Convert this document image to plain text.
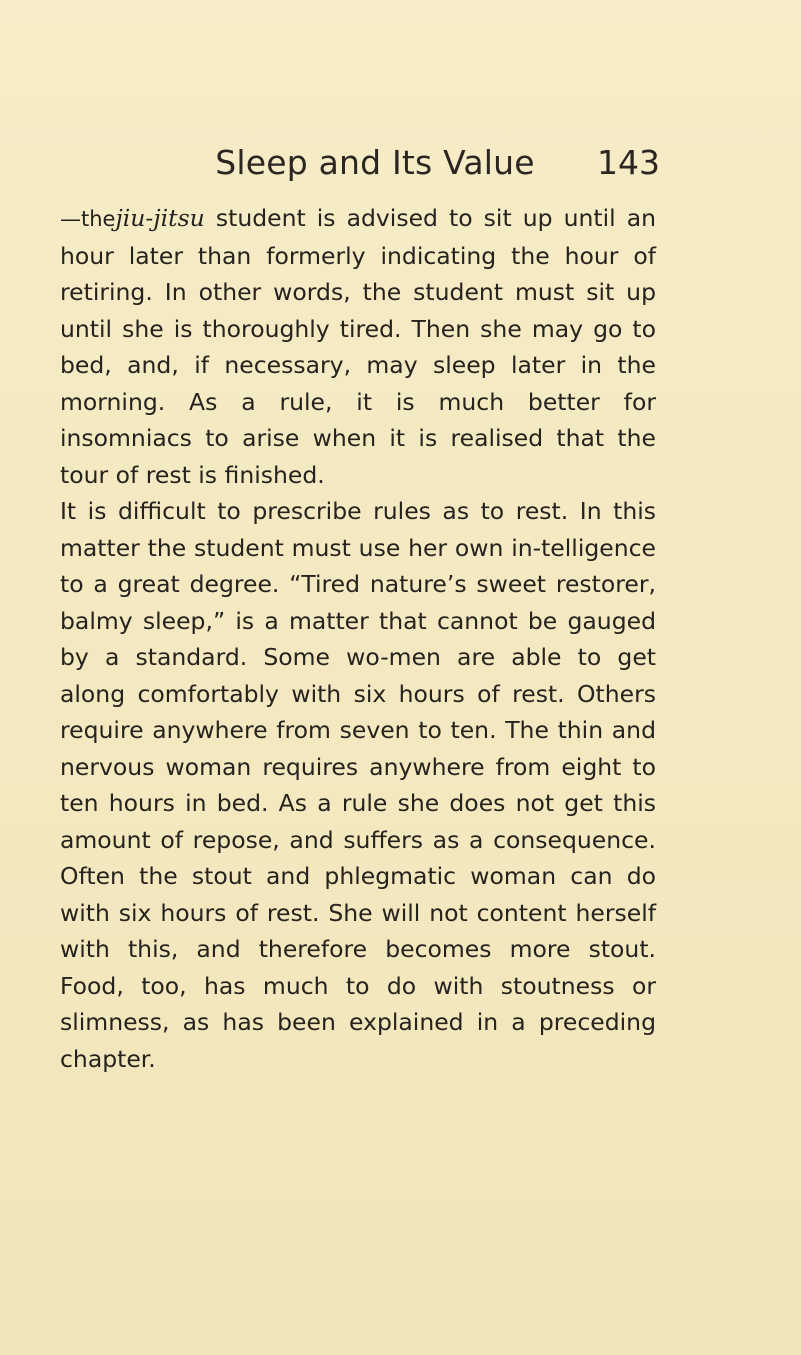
Sleep and Its Value	143

—thejiu-jitsu student is advised to sit up until an hour later than formerly indicating the hour of retiring. In other words, the student must sit up until she is thoroughly tired. Then she may go to bed, and, if necessary, may sleep later in the morning. As a rule, it is much better for insomniacs to arise when it is realised that the tour of rest is finished.

It is difficult to prescribe rules as to rest. In this matter the student must use her own in-telligence to a great degree. “Tired nature’s sweet restorer, balmy sleep,” is a matter that cannot be gauged by a standard. Some wo-men are able to get along comfortably with six hours of rest. Others require anywhere from seven to ten. The thin and nervous woman requires anywhere from eight to ten hours in bed. As a rule she does not get this amount of repose, and suffers as a consequence. Often the stout and phlegmatic woman can do with six hours of rest. She will not content herself with this, and therefore becomes more stout. Food, too, has much to do with stoutness or slimness, as has been explained in a preceding chapter.
